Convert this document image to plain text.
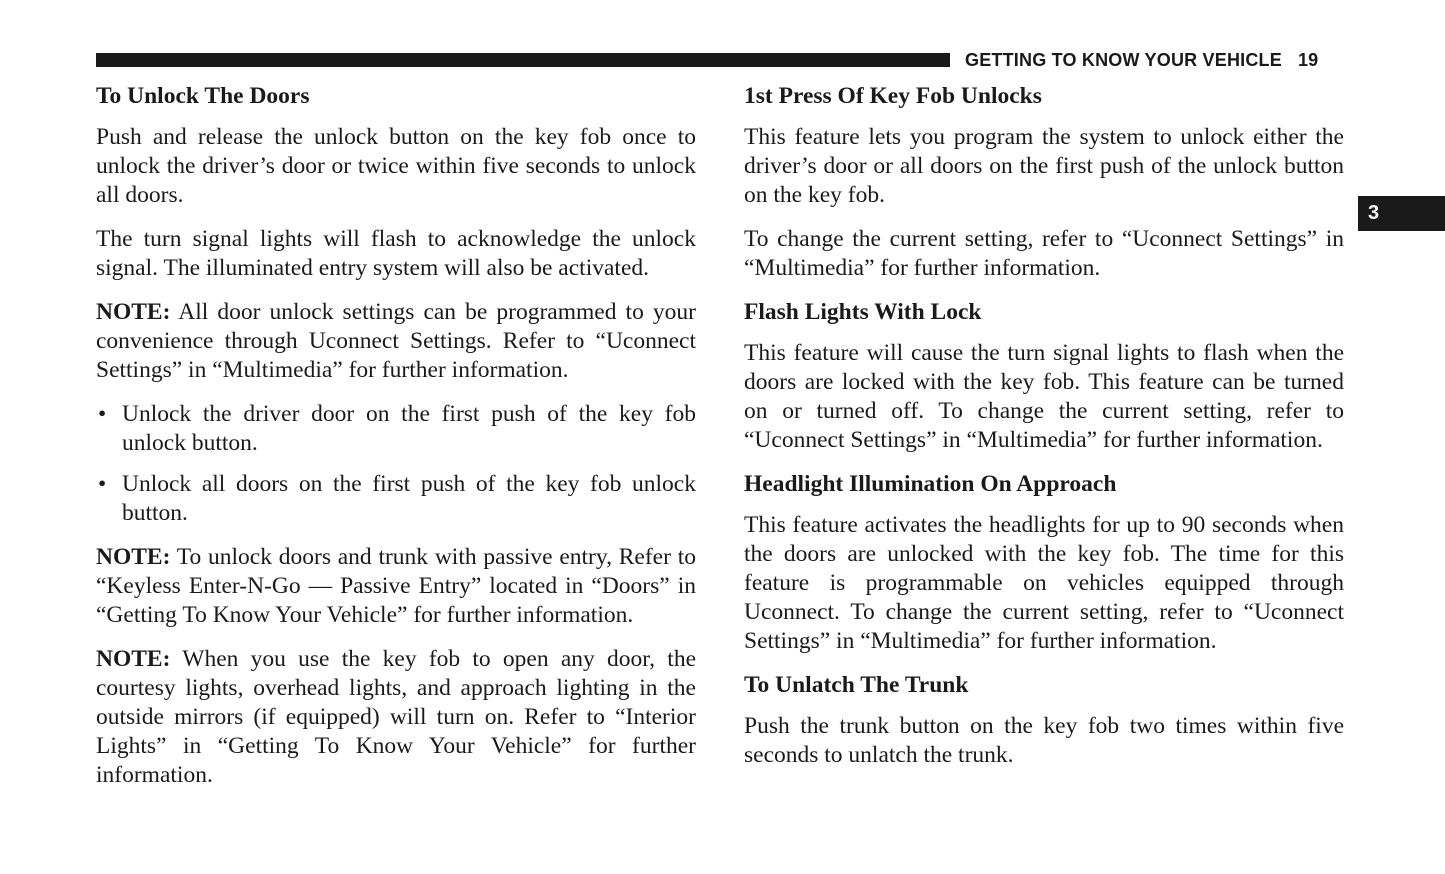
GETTING TO KNOW YOUR VEHICLE 19
3
To Unlock The Doors

Push and release the unlock button on the key fob once to unlock the driver’s door or twice within five seconds to unlock all doors.

The turn signal lights will flash to acknowledge the unlock signal. The illuminated entry system will also be activated.

NOTE: All door unlock settings can be programmed to your convenience through Uconnect Settings. Refer to “Uconnect Settings” in “Multimedia” for further information.

• Unlock the driver door on the first push of the key fob unlock button.
• Unlock all doors on the first push of the key fob unlock button.

NOTE: To unlock doors and trunk with passive entry, Refer to “Keyless Enter-N-Go — Passive Entry” located in “Doors” in “Getting To Know Your Vehicle” for further information.

NOTE: When you use the key fob to open any door, the courtesy lights, overhead lights, and approach lighting in the outside mirrors (if equipped) will turn on. Refer to “Interior Lights” in “Getting To Know Your Vehicle” for further information.

1st Press Of Key Fob Unlocks

This feature lets you program the system to unlock either the driver’s door or all doors on the first push of the unlock button on the key fob.

To change the current setting, refer to “Uconnect Settings” in “Multimedia” for further information.

Flash Lights With Lock

This feature will cause the turn signal lights to flash when the doors are locked with the key fob. This feature can be turned on or turned off. To change the current setting, refer to “Uconnect Settings” in “Multimedia” for further information.

Headlight Illumination On Approach

This feature activates the headlights for up to 90 seconds when the doors are unlocked with the key fob. The time for this feature is programmable on vehicles equipped through Uconnect. To change the current setting, refer to “Uconnect Settings” in “Multimedia” for further information.

To Unlatch The Trunk

Push the trunk button on the key fob two times within five seconds to unlatch the trunk.
